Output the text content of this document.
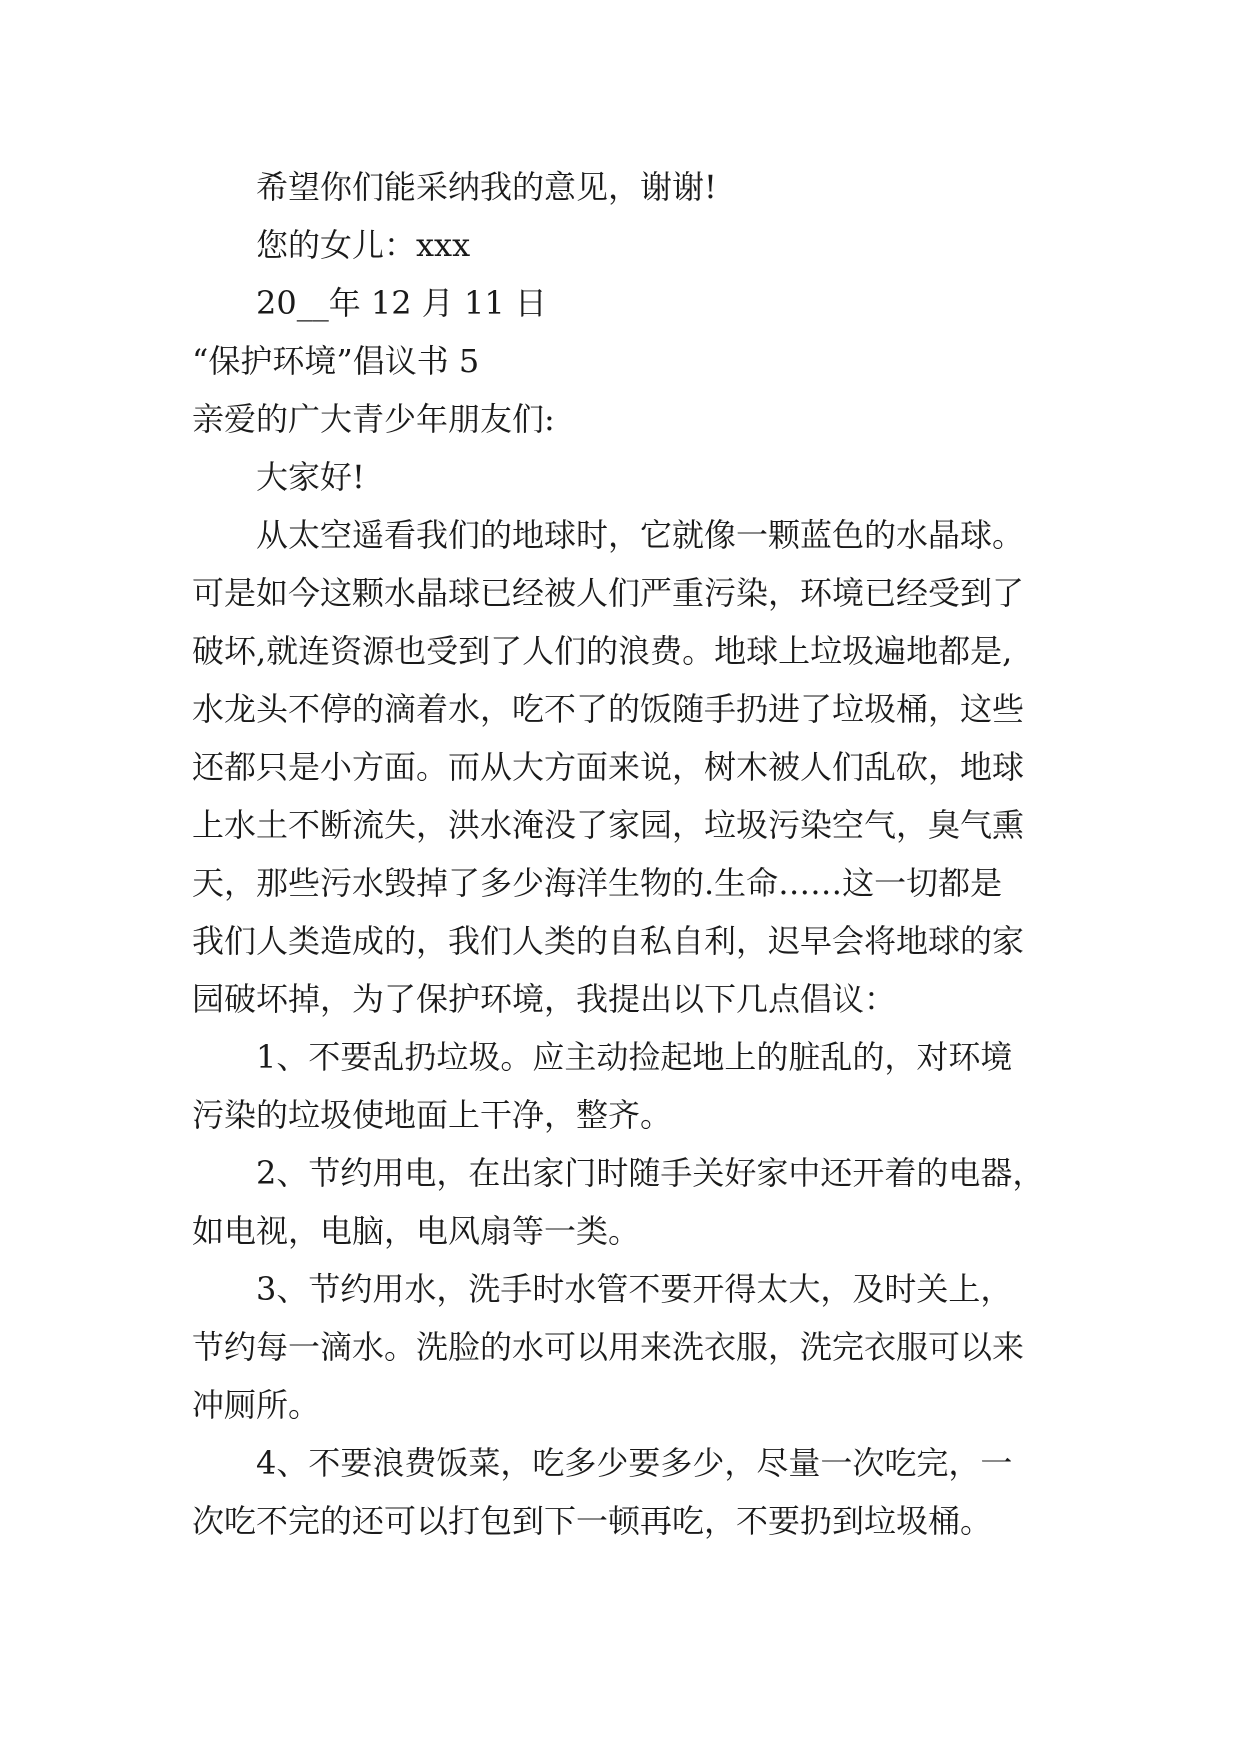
希望你们能采纳我的意见，谢谢!
您的女儿：xxx
20__年 12 月 11 日
“保护环境”倡议书 5
亲爱的广大青少年朋友们:
大家好!
从太空遥看我们的地球时，它就像一颗蓝色的水晶球。
可是如今这颗水晶球已经被人们严重污染，环境已经受到了
破坏,就连资源也受到了人们的浪费。地球上垃圾遍地都是,
水龙头不停的滴着水，吃不了的饭随手扔进了垃圾桶，这些
还都只是小方面。而从大方面来说，树木被人们乱砍，地球
上水土不断流失，洪水淹没了家园，垃圾污染空气，臭气熏
天，那些污水毁掉了多少海洋生物的.生命……这一切都是
我们人类造成的，我们人类的自私自利，迟早会将地球的家
园破坏掉，为了保护环境，我提出以下几点倡议：
1、不要乱扔垃圾。应主动捡起地上的脏乱的，对环境
污染的垃圾使地面上干净，整齐。
2、节约用电，在出家门时随手关好家中还开着的电器，
如电视，电脑，电风扇等一类。
3、节约用水，洗手时水管不要开得太大，及时关上，
节约每一滴水。洗脸的水可以用来洗衣服，洗完衣服可以来
冲厕所。
4、不要浪费饭菜，吃多少要多少，尽量一次吃完，一
次吃不完的还可以打包到下一顿再吃，不要扔到垃圾桶。
